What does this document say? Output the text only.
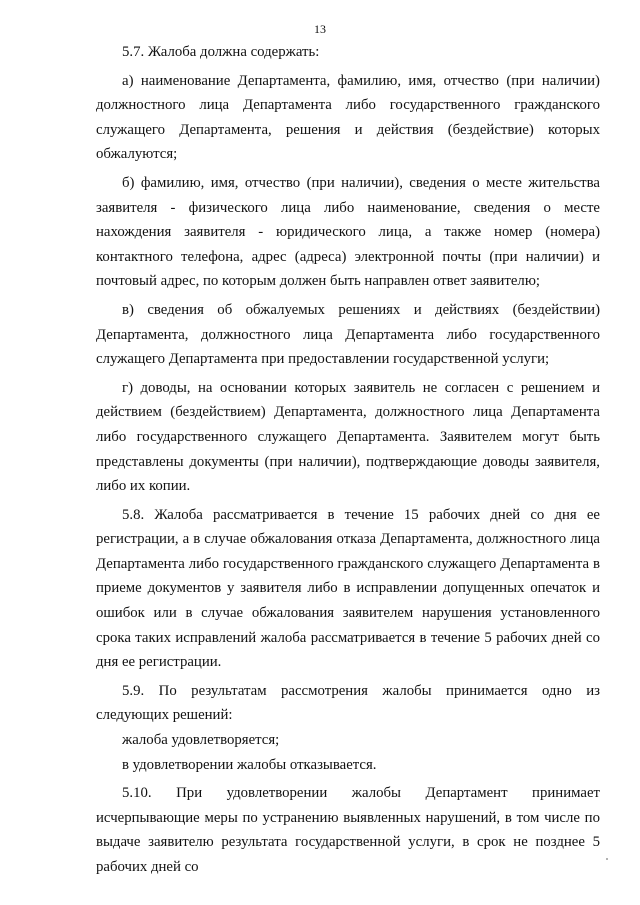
13

5.7. Жалоба должна содержать:

а) наименование Департамента, фамилию, имя, отчество (при наличии) должностного лица Департамента либо государственного гражданского служащего Департамента, решения и действия (бездействие) которых обжалуются;

б) фамилию, имя, отчество (при наличии), сведения о месте жительства заявителя - физического лица либо наименование, сведения о месте нахождения заявителя - юридического лица, а также номер (номера) контактного телефона, адрес (адреса) электронной почты (при наличии) и почтовый адрес, по которым должен быть направлен ответ заявителю;

в) сведения об обжалуемых решениях и действиях (бездействии) Департамента, должностного лица Департамента либо государственного служащего Департамента при предоставлении государственной услуги;

г) доводы, на основании которых заявитель не согласен с решением и действием (бездействием) Департамента, должностного лица Департамента либо государственного служащего Департамента. Заявителем могут быть представлены документы (при наличии), подтверждающие доводы заявителя, либо их копии.

5.8. Жалоба рассматривается в течение 15 рабочих дней со дня ее регистрации, а в случае обжалования отказа Департамента, должностного лица Департамента либо государственного гражданского служащего Департамента в приеме документов у заявителя либо в исправлении допущенных опечаток и ошибок или в случае обжалования заявителем нарушения установленного срока таких исправлений жалоба рассматривается в течение 5 рабочих дней со дня ее регистрации.

5.9. По результатам рассмотрения жалобы принимается одно из следующих решений:

жалоба удовлетворяется;

в удовлетворении жалобы отказывается.

5.10. При удовлетворении жалобы Департамент принимает исчерпывающие меры по устранению выявленных нарушений, в том числе по выдаче заявителю результата государственной услуги, в срок не позднее 5 рабочих дней со
